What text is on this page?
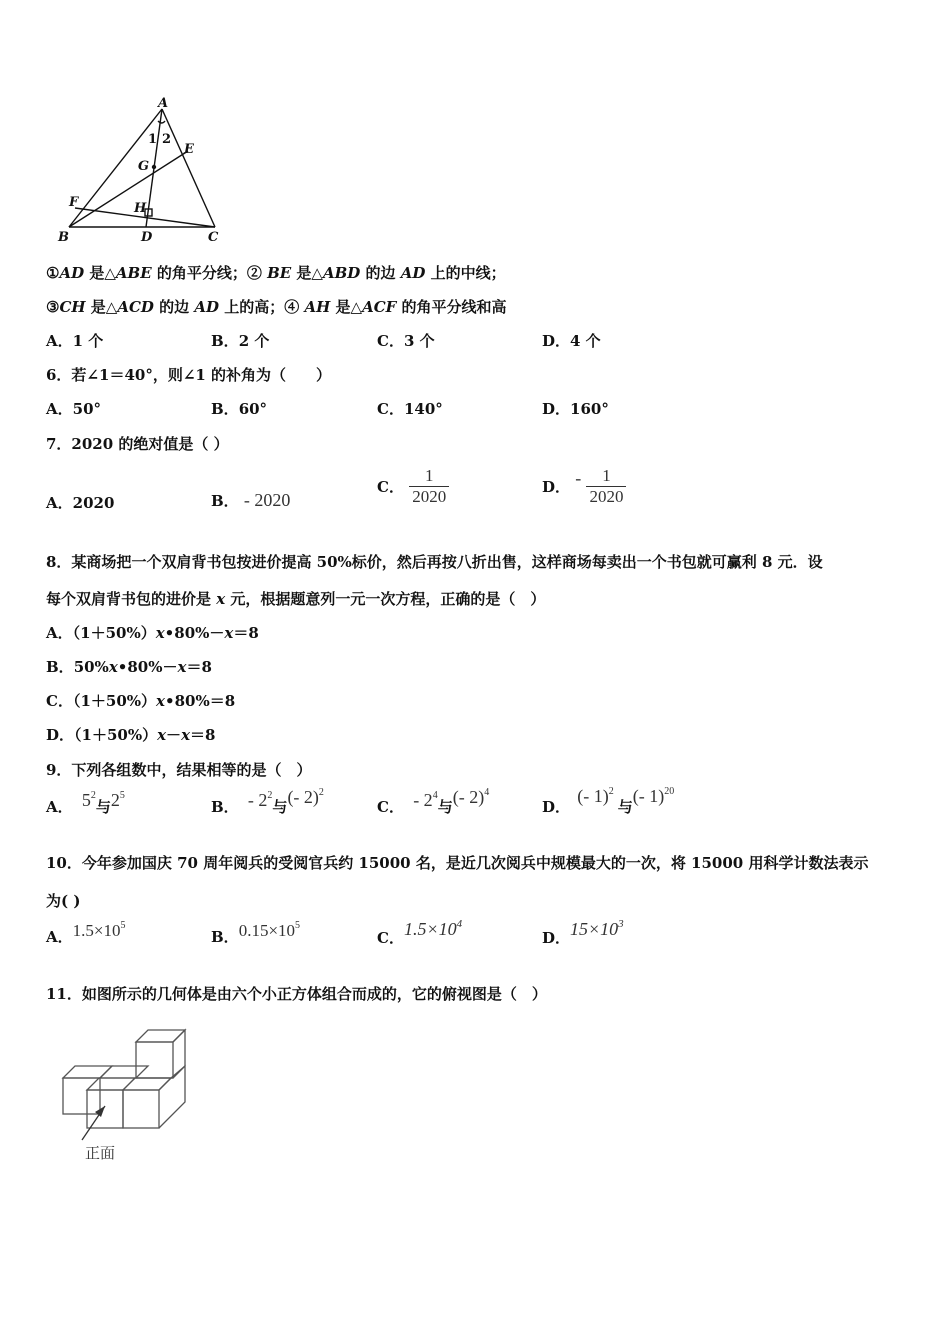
A
B	C
D
E
F
G
H
1 2
①AD 是△ABE 的角平分线；② BE 是△ABD 的边 AD 上的中线；
③CH 是△ACD 的边 AD 上的高；④ AH 是△ACF 的角平分线和高
A．1 个	B．2 个	C．3 个	D．4 个
6．若∠1＝40°，则∠1 的补角为（　　）
A．50°	B．60°	C．140°	D．160°
7．2020 的绝对值是（ ）
A．2020	B． - 2020
C． $\frac{1}{2020}$	D． - $\frac{1}{2020}$
8．某商场把一个双肩背书包按进价提高 50%标价，然后再按八折出售，这样商场每卖出一个书包就可赢利 8 元．设
每个双肩背书包的进价是 x 元，根据题意列一元一次方程，正确的是（　）
A．（1＋50%）x•80%－x＝8
B．50%x•80%－x＝8
C．（1＋50%）x•80%＝8
D．（1＋50%）x－x＝8
9．下列各组数中，结果相等的是（　）
A． $5^2$与$2^5$
B． - $2^2$与(- 2)$^2$
C． - $2^4$与(- 2)$^4$
D． (- 1)$^2$与(- 1)$^{20}$
10．今年参加国庆 70 周年阅兵的受阅官兵约 15000 名，是近几次阅兵中规模最大的一次，将 15000 用科学计数法表示
为( )
A．$1.5\times 10^5$
B．$0.15\times 10^5$
C．$1.5\times 10^4$
D．$15\times 10^3$
11．如图所示的几何体是由六个小正方体组合而成的，它的俯视图是（　）
正面
